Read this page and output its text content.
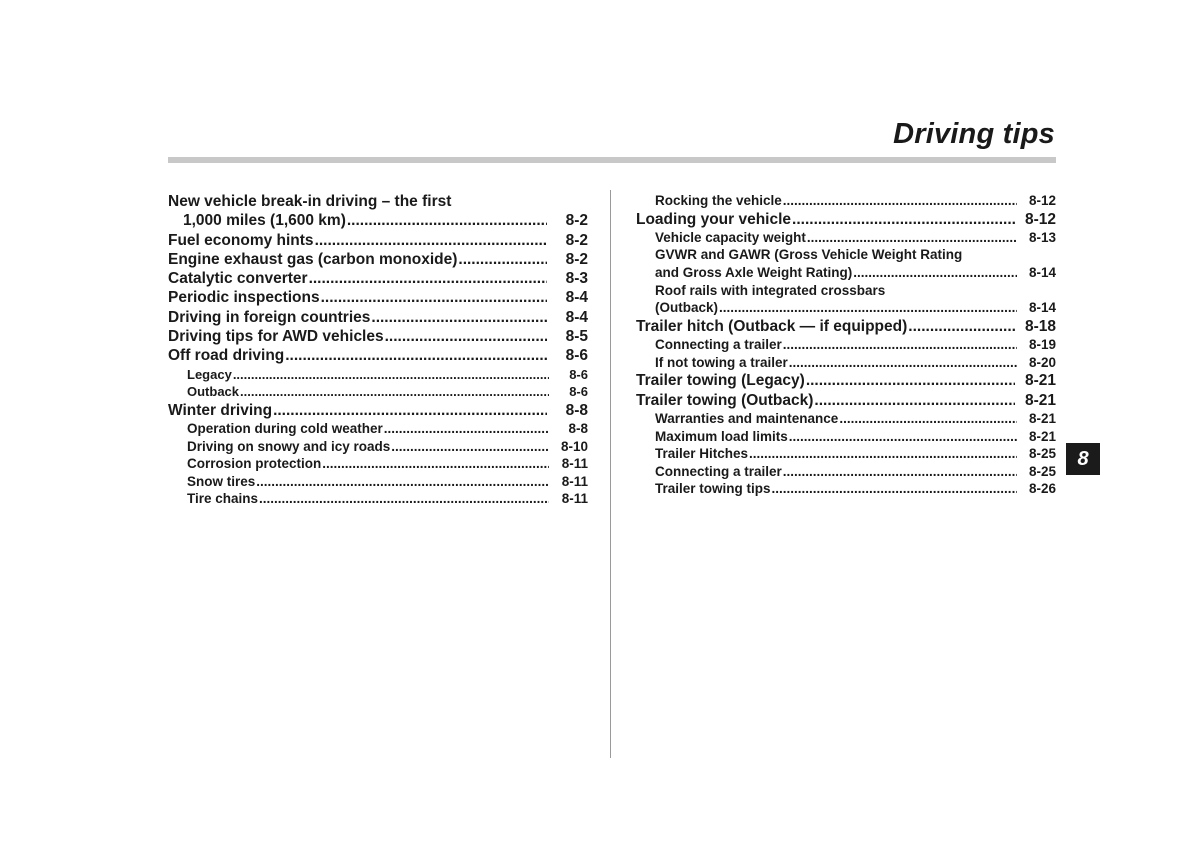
Driving tips
New vehicle break-in driving – the first
1,000 miles (1,600 km) .....	8-2
Fuel economy hints .....	8-2
Engine exhaust gas (carbon monoxide) .....	8-2
Catalytic converter .....	8-3
Periodic inspections .....	8-4
Driving in foreign countries .....	8-4
Driving tips for AWD vehicles .....	8-5
Off road driving .....	8-6
Legacy .....	8-6
Outback .....	8-6
Winter driving .....	8-8
Operation during cold weather .....	8-8
Driving on snowy and icy roads .....	8-10
Corrosion protection .....	8-11
Snow tires .....	8-11
Tire chains .....	8-11
Rocking the vehicle .....	8-12
Loading your vehicle .....	8-12
Vehicle capacity weight .....	8-13
GVWR and GAWR (Gross Vehicle Weight Rating
and Gross Axle Weight Rating) .....	8-14
Roof rails with integrated crossbars
(Outback) .....	8-14
Trailer hitch (Outback — if equipped) .....	8-18
Connecting a trailer .....	8-19
If not towing a trailer .....	8-20
Trailer towing (Legacy) .....	8-21
Trailer towing (Outback) .....	8-21
Warranties and maintenance .....	8-21
Maximum load limits .....	8-21
Trailer Hitches .....	8-25
Connecting a trailer .....	8-25
Trailer towing tips .....	8-26
8
